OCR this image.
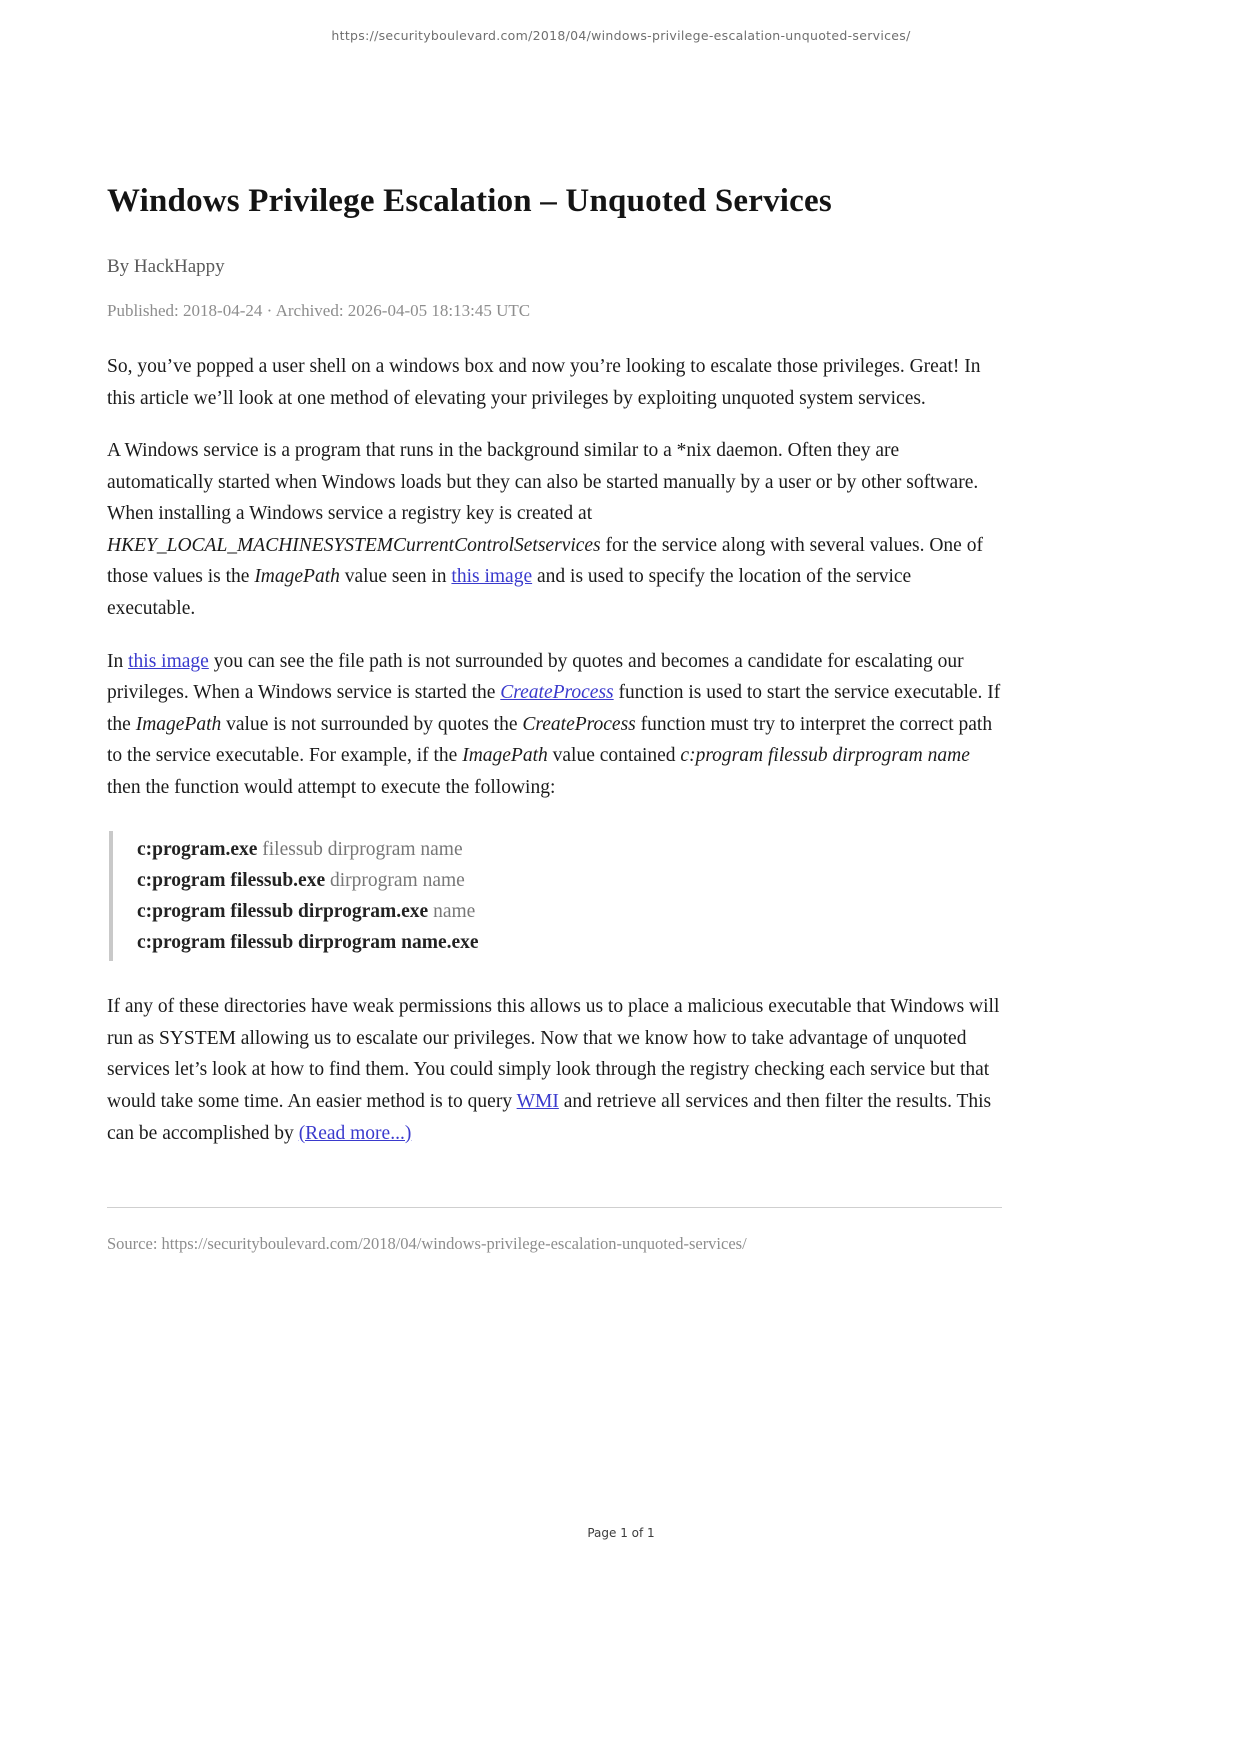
https://securityboulevard.com/2018/04/windows-privilege-escalation-unquoted-services/
Windows Privilege Escalation – Unquoted Services

By HackHappy

Published: 2018-04-24 · Archived: 2026-04-05 18:13:45 UTC

So, you’ve popped a user shell on a windows box and now you’re looking to escalate those privileges. Great! In this article we’ll look at one method of elevating your privileges by exploiting unquoted system services.

A Windows service is a program that runs in the background similar to a *nix daemon. Often they are automatically started when Windows loads but they can also be started manually by a user or by other software. When installing a Windows service a registry key is created at HKEY_LOCAL_MACHINESYSTEMCurrentControlSetservices for the service along with several values. One of those values is the ImagePath value seen in this image and is used to specify the location of the service executable.

In this image you can see the file path is not surrounded by quotes and becomes a candidate for escalating our privileges. When a Windows service is started the CreateProcess function is used to start the service executable. If the ImagePath value is not surrounded by quotes the CreateProcess function must try to interpret the correct path to the service executable. For example, if the ImagePath value contained c:program filessub dirprogram name then the function would attempt to execute the following:

c:program.exe filessub dirprogram name

c:program filessub.exe dirprogram name

c:program filessub dirprogram.exe name

c:program filessub dirprogram name.exe

If any of these directories have weak permissions this allows us to place a malicious executable that Windows will run as SYSTEM allowing us to escalate our privileges. Now that we know how to take advantage of unquoted services let’s look at how to find them. You could simply look through the registry checking each service but that would take some time. An easier method is to query WMI and retrieve all services and then filter the results. This can be accomplished by (Read more...)

Source: https://securityboulevard.com/2018/04/windows-privilege-escalation-unquoted-services/

Page 1 of 1
